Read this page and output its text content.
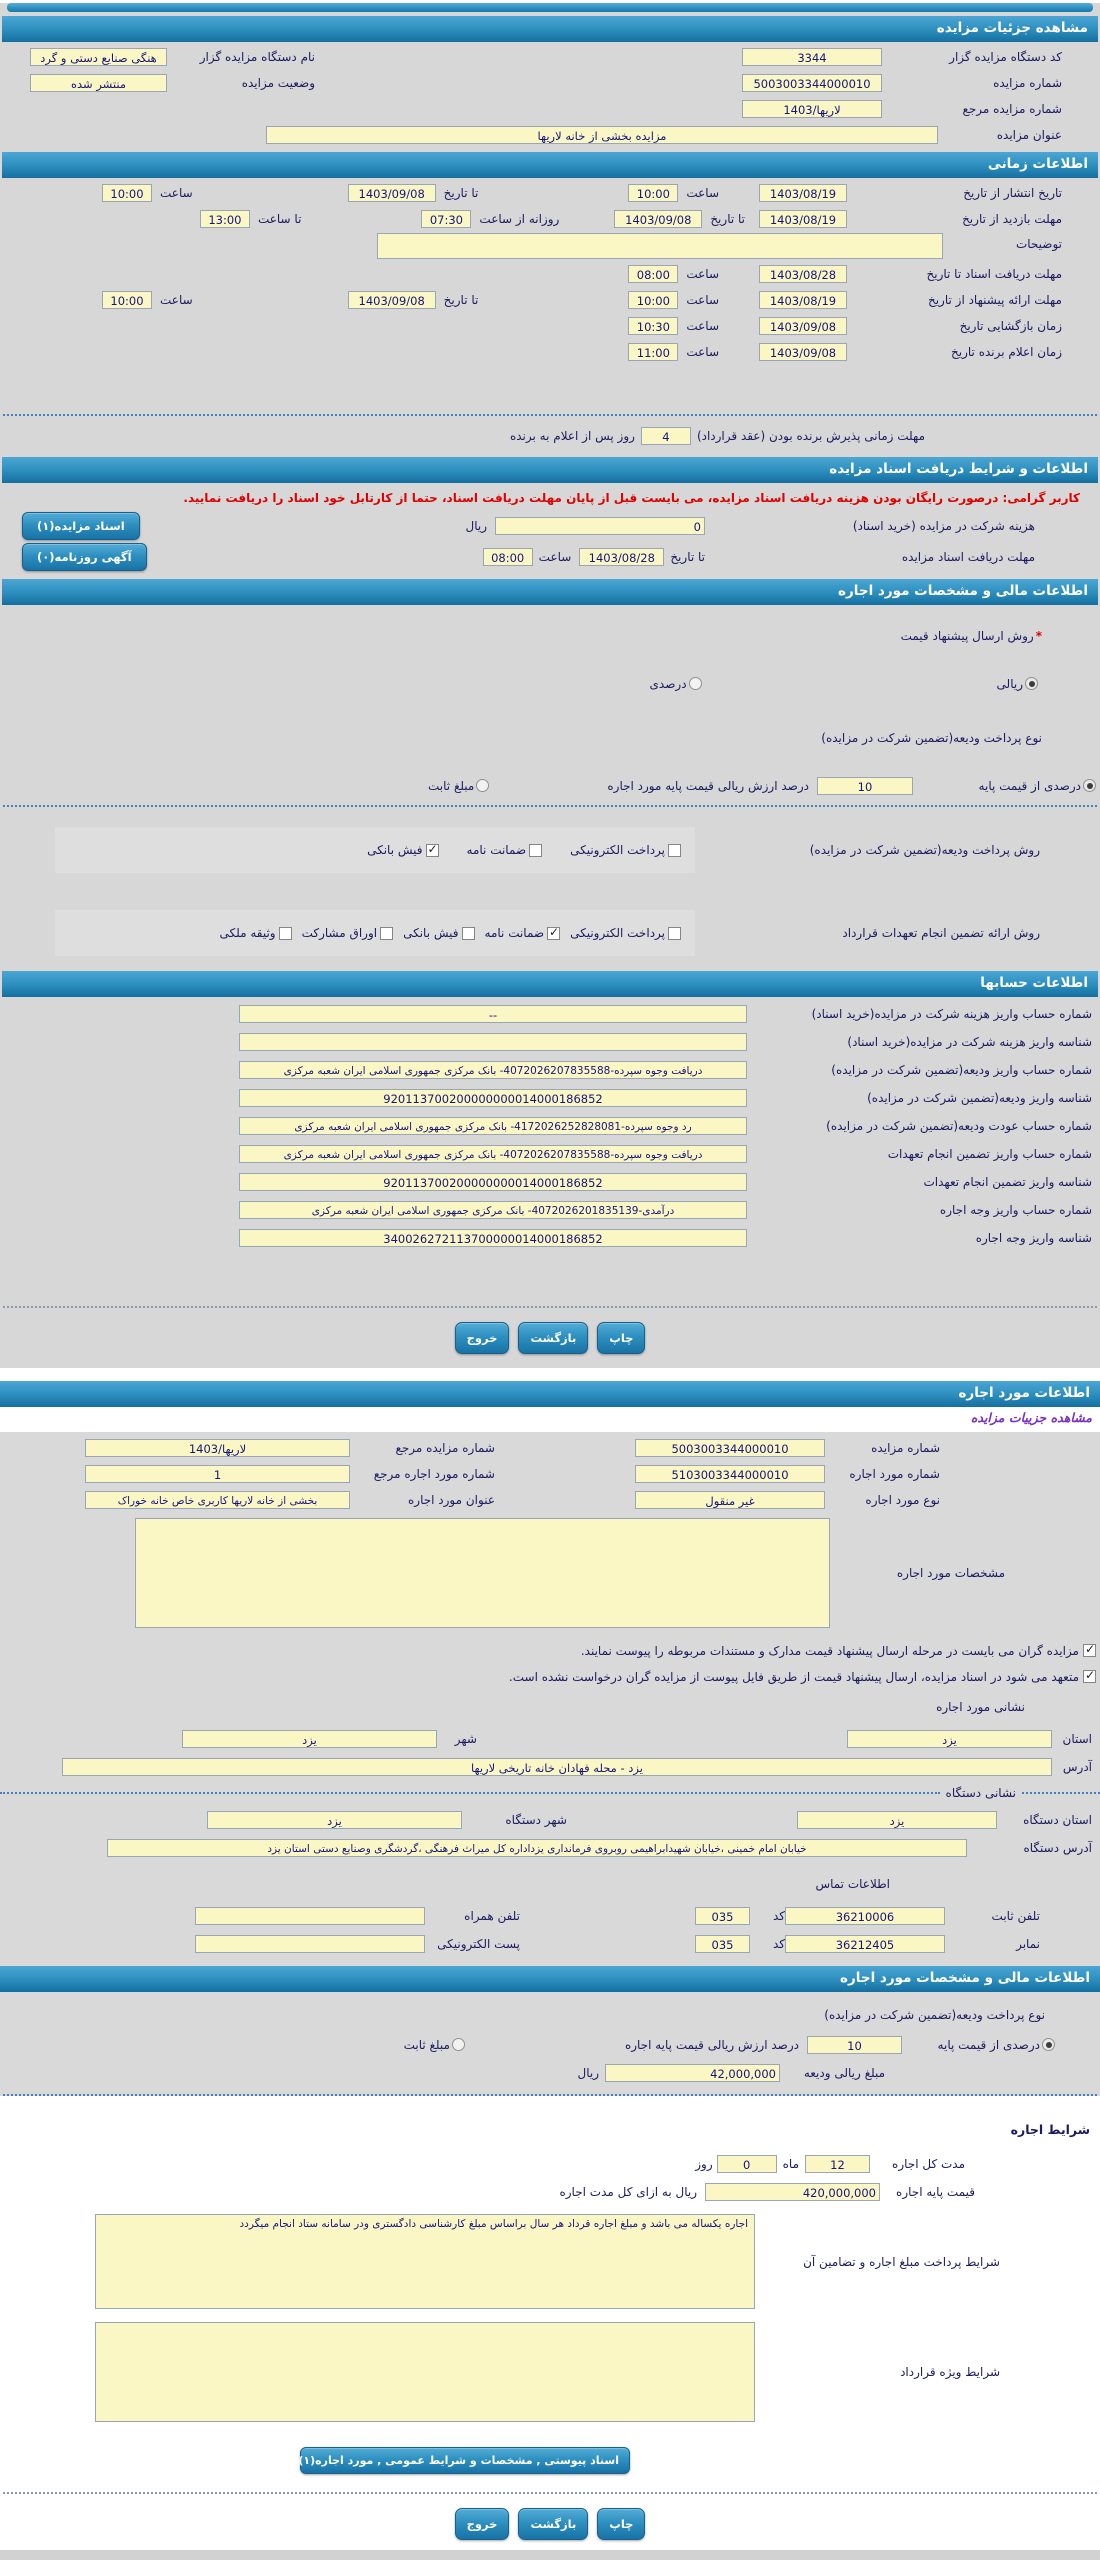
مشاهده جزئیات مزایده
کد دستگاه مزایده گزار
3344
نام دستگاه مزایده گزار
هنگی صنایع دستی و گرد
شماره مزایده
5003003344000010
وضعیت مزایده
منتشر شده
شماره مزایده مرجع
لاریها/1403
عنوان مزایده
مزایده بخشی از خانه لاریها
اطلاعات زمانی
تاریخ انتشار از تاریخ
1403/08/19
ساعت
10:00
تا تاریخ
1403/09/08
ساعت
10:00
مهلت بازدید از تاریخ
1403/08/19
تا تاریخ
1403/09/08
روزانه از ساعت
07:30
تا ساعت
13:00
توضیحات
مهلت دریافت اسناد تا تاریخ
1403/08/28
ساعت
08:00
مهلت ارائه پیشنهاد از تاریخ
1403/08/19
ساعت
10:00
تا تاریخ
1403/09/08
ساعت
10:00
زمان بازگشایی تاریخ
1403/09/08
ساعت
10:30
زمان اعلام برنده تاریخ
1403/09/08
ساعت
11:00
مهلت زمانی پذیرش برنده بودن (عقد قرارداد)
4
روز پس از اعلام به برنده
اطلاعات و شرایط دریافت اسناد مزایده
کاربر گرامی: درصورت رایگان بودن هزینه دریافت اسناد مزایده، می بایست قبل از پایان مهلت دریافت اسناد، حتما از کارتابل خود اسناد را دریافت نمایید.
هزینه شرکت در مزایده (خرید اسناد)
0
ریال
اسناد مزایده(۱)
مهلت دریافت اسناد مزایده
تا تاریخ
1403/08/28
ساعت
08:00
آگهی روزنامه(۰)
اطلاعات مالی و مشخصات مورد اجاره
*
روش ارسال پیشنهاد قیمت
ریالی
درصدی
نوع پرداخت ودیعه(تضمین شرکت در مزایده)
درصدی از قیمت پایه
10
درصد ارزش ریالی قیمت پایه مورد اجاره
مبلغ ثابت
روش پرداخت ودیعه(تضمین شرکت در مزایده)
پرداخت الکترونیکی
ضمانت نامه
✓
فیش بانکی
روش ارائه تضمین انجام تعهدات قرارداد
پرداخت الکترونیکی
✓
ضمانت نامه
فیش بانکی
اوراق مشارکت
وثیقه ملکی
اطلاعات حسابها
شماره حساب واریز هزینه شرکت در مزایده(خرید اسناد)
--
شناسه واریز هزینه شرکت در مزایده(خرید اسناد)
شماره حساب واریز ودیعه(تضمین شرکت در مزایده)
دریافت وجوه سپرده-4072026207835588- بانک مرکزی جمهوری اسلامی ایران شعبه مرکزی
شناسه واریز ودیعه(تضمین شرکت در مزایده)
920113700200000000014000186852
شماره حساب عودت ودیعه(تضمین شرکت در مزایده)
رد وجوه سپرده-4172026252828081- بانک مرکزی جمهوری اسلامی ایران شعبه مرکزی
شماره حساب واریز تضمین انجام تعهدات
دریافت وجوه سپرده-4072026207835588- بانک مرکزی جمهوری اسلامی ایران شعبه مرکزی
شناسه واریز تضمین انجام تعهدات
920113700200000000014000186852
شماره حساب واریز وجه اجاره
درآمدی-4072026201835139- بانک مرکزی جمهوری اسلامی ایران شعبه مرکزی
شناسه واریز وجه اجاره
340026272113700000014000186852
چاپ
بازگشت
خروج
اطلاعات مورد اجاره
مشاهده جزییات مزایده
شماره مزایده
5003003344000010
شماره مزایده مرجع
لاریها/1403
شماره مورد اجاره
5103003344000010
شماره مورد اجاره مرجع
1
نوع مورد اجاره
غیر منقول
عنوان مورد اجاره
بخشی از خانه لاریها کاربری خاص خانه خوراک
مشخصات مورد اجاره
✓
مزایده گران می بایست در مرحله ارسال پیشنهاد قیمت مدارک و مستندات مربوطه را پیوست نمایند.
✓
متعهد می شود در اسناد مزایده، ارسال پیشنهاد قیمت از طریق فایل پیوست از مزایده گران درخواست نشده است.
نشانی مورد اجاره
استان
یزد
شهر
یزد
آدرس
یزد - محله فهادان خانه تاریخی لاریها
نشانی دستگاه
استان دستگاه
یزد
شهر دستگاه
یزد
آدرس دستگاه
خیابان امام خمینی ،خیابان شهیدابراهیمی روبروی فرمانداری یزداداره کل میراث فرهنگی ،گردشگری وصنایع دستی استان یزد
اطلاعات تماس
تلفن ثابت
36210006
کد
035
تلفن همراه
نمابر
36212405
کد
035
پست الکترونیکی
اطلاعات مالی و مشخصات مورد اجاره
نوع پرداخت ودیعه(تضمین شرکت در مزایده)
درصدی از قیمت پایه
10
درصد ارزش ریالی قیمت پایه اجاره
مبلغ ثابت
مبلغ ریالی ودیعه
42,000,000
ریال
شرایط اجاره
مدت کل اجاره
12
ماه
0
روز
قیمت پایه اجاره
420,000,000
ریال به ازای کل مدت اجاره
شرایط پرداخت مبلغ اجاره و تضامین آن
اجاره یکساله می باشد و مبلغ اجاره قرداد هر سال براساس مبلغ کارشناسی دادگستری ودر سامانه ستاد انجام میگردد
شرایط ویژه قرارداد
اسناد پیوستی , مشخصات و شرایط عمومی , مورد اجاره(۱)
چاپ
بازگشت
خروج
